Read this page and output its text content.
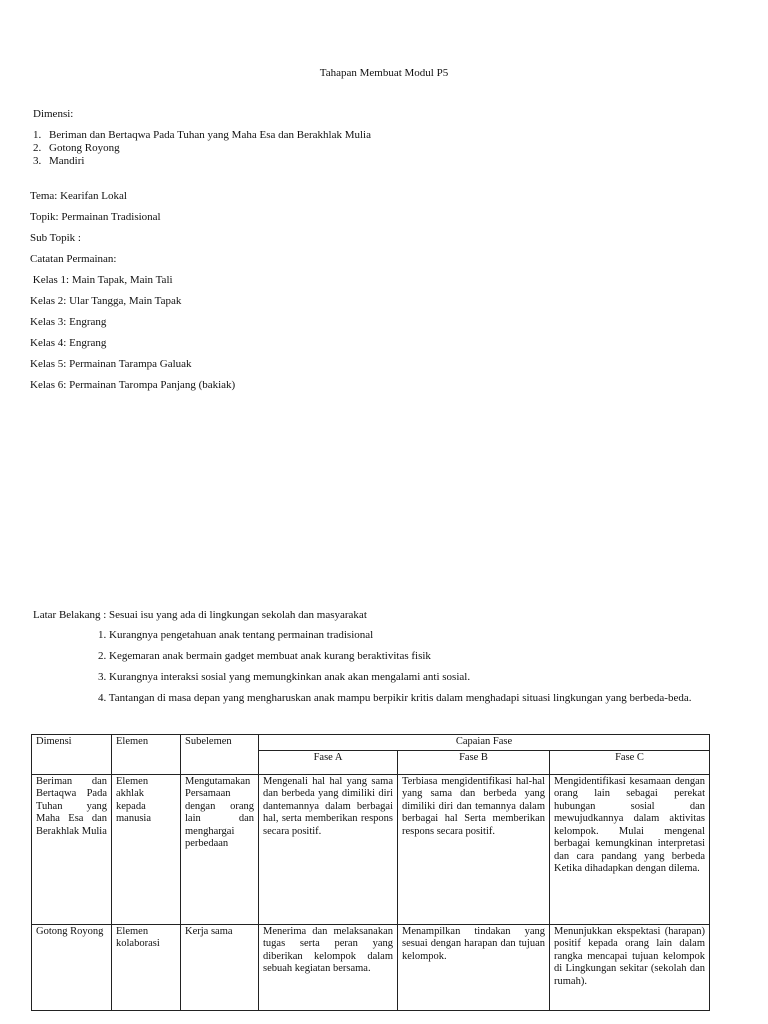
Tahapan Membuat Modul P5
Dimensi:
1. Beriman dan Bertaqwa Pada Tuhan yang Maha Esa dan Berakhlak Mulia
2. Gotong Royong
3. Mandiri
Tema: Kearifan Lokal
Topik: Permainan Tradisional
Sub Topik :
Catatan Permainan:
Kelas 1: Main Tapak, Main Tali
Kelas 2: Ular Tangga, Main Tapak
Kelas 3: Engrang
Kelas 4: Engrang
Kelas 5: Permainan Tarampa Galuak
Kelas 6: Permainan Tarompa Panjang (bakiak)
Latar Belakang : Sesuai isu yang ada di lingkungan sekolah dan masyarakat
1. Kurangnya pengetahuan anak tentang permainan tradisional
2. Kegemaran anak bermain gadget membuat anak kurang beraktivitas fisik
3. Kurangnya interaksi sosial yang memungkinkan anak akan mengalami anti sosial.
4. Tantangan di masa depan yang mengharuskan anak mampu berpikir kritis dalam menghadapi situasi lingkungan yang berbeda-beda.
Dimensi	Elemen	Subelemen	Capaian Fase		
			Fase A	Fase B	Fase C
Beriman dan Bertaqwa Pada Tuhan yang Maha Esa dan Berakhlak Mulia	Elemen akhlak kepada manusia	Mengutamakan Persamaan dengan orang lain dan menghargai perbedaan	Mengenali hal hal yang sama dan berbeda yang dimiliki diri dantemannya dalam berbagai hal, serta memberikan respons secara positif.	Terbiasa mengidentifikasi hal-hal yang sama dan berbeda yang dimiliki diri dan temannya dalam berbagai hal Serta memberikan respons secara positif.	Mengidentifikasi kesamaan dengan orang lain sebagai perekat hubungan sosial dan mewujudkannya dalam aktivitas kelompok. Mulai mengenal berbagai kemungkinan interpretasi dan cara pandang yang berbeda Ketika dihadapkan dengan dilema.
Gotong Royong	Elemen kolaborasi	Kerja sama	Menerima dan melaksanakan tugas serta peran yang diberikan kelompok dalam sebuah kegiatan bersama.	Menampilkan tindakan yang sesuai dengan harapan dan tujuan kelompok.	Menunjukkan ekspektasi (harapan) positif kepada orang lain dalam rangka mencapai tujuan kelompok di Lingkungan sekitar (sekolah dan rumah).
